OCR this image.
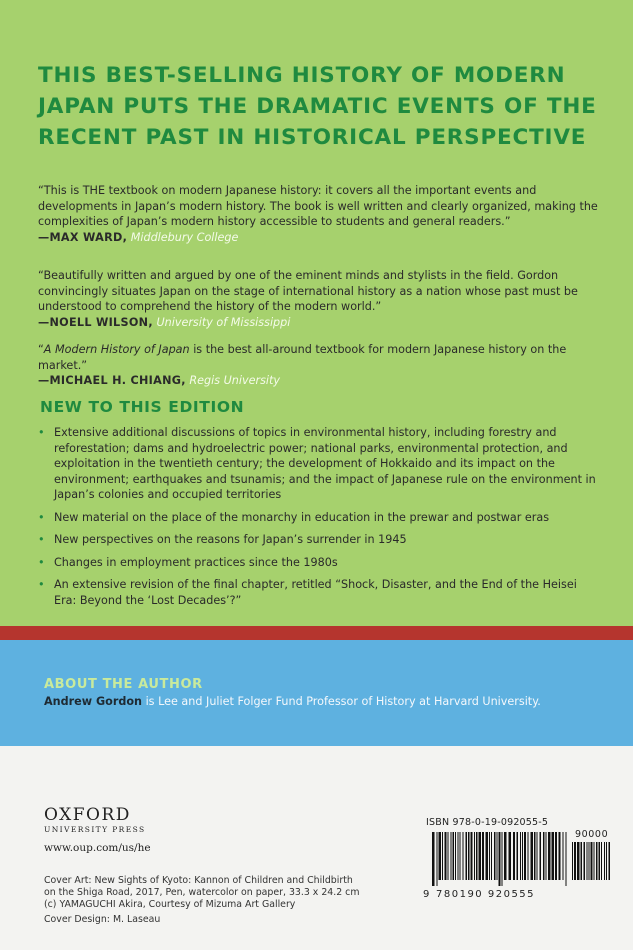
THIS BEST-SELLING HISTORY OF MODERN JAPAN PUTS THE DRAMATIC EVENTS OF THE RECENT PAST IN HISTORICAL PERSPECTIVE
“This is THE textbook on modern Japanese history: it covers all the important events and developments in Japan’s modern history. The book is well written and clearly organized, making the complexities of Japan’s modern history accessible to students and general readers.”
—MAX WARD, Middlebury College
“Beautifully written and argued by one of the eminent minds and stylists in the field. Gordon convincingly situates Japan on the stage of international history as a nation whose past must be understood to comprehend the history of the modern world.”
—NOELL WILSON, University of Mississippi
“A Modern History of Japan is the best all-around textbook for modern Japanese history on the market.”
—MICHAEL H. CHIANG, Regis University
NEW TO THIS EDITION
• Extensive additional discussions of topics in environmental history, including forestry and reforestation; dams and hydroelectric power; national parks, environmental protection, and exploitation in the twentieth century; the development of Hokkaido and its impact on the environment; earthquakes and tsunamis; and the impact of Japanese rule on the environment in Japan’s colonies and occupied territories
• New material on the place of the monarchy in education in the prewar and postwar eras
• New perspectives on the reasons for Japan’s surrender in 1945
• Changes in employment practices since the 1980s
• An extensive revision of the final chapter, retitled “Shock, Disaster, and the End of the Heisei Era: Beyond the ‘Lost Decades’?”
ABOUT THE AUTHOR
Andrew Gordon is Lee and Juliet Folger Fund Professor of History at Harvard University.
OXFORD
UNIVERSITY PRESS
www.oup.com/us/he
Cover Art: New Sights of Kyoto: Kannon of Children and Childbirth
on the Shiga Road, 2017, Pen, watercolor on paper, 33.3 x 24.2 cm
(c) YAMAGUCHI Akira, Courtesy of Mizuma Art Gallery
Cover Design: M. Laseau
ISBN 978-0-19-092055-5
90000
9 780190 920555
